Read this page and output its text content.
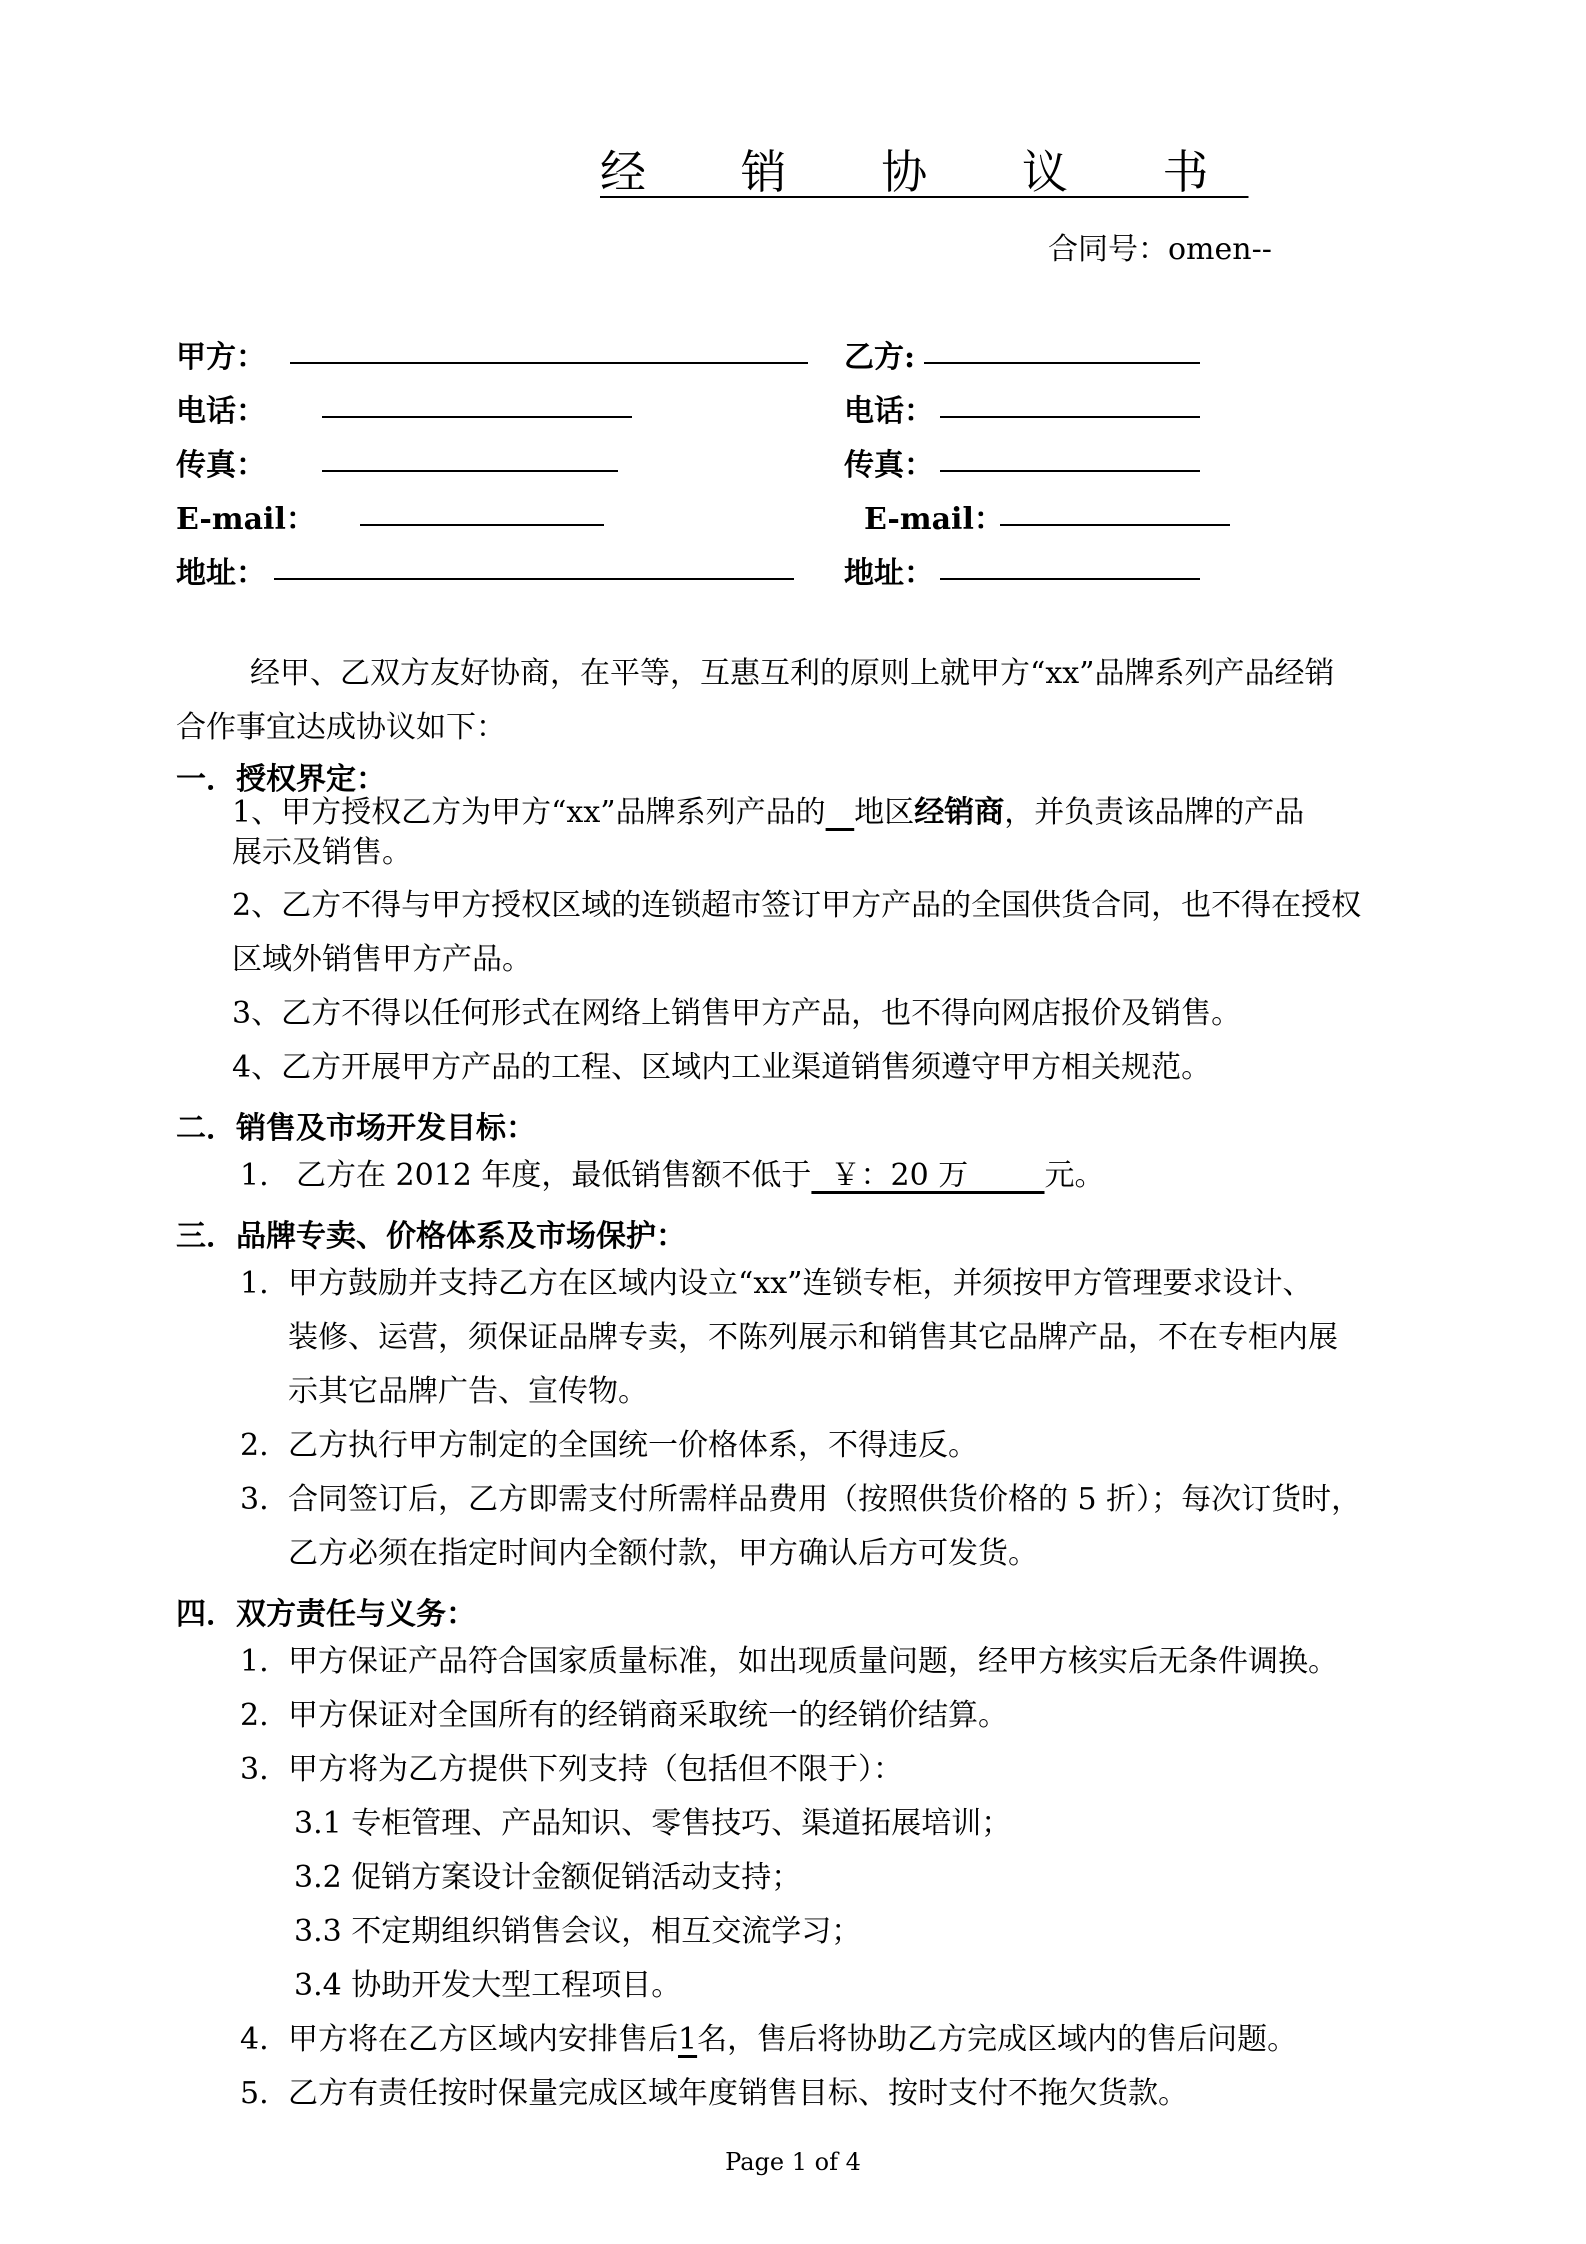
经 销 协 议 书
合同号：omen--
甲方：
电话：
传真：
E-mail：
地址：
乙方:
电话：
传真：
E-mail：
地址：
经甲、乙双方友好协商，在平等，互惠互利的原则上就甲方“xx”品牌系列产品经销
合作事宜达成协议如下：
一．授权界定：
1、甲方授权乙方为甲方“xx”品牌系列产品的 地区经销商，并负责该品牌的产品
展示及销售。
2、乙方不得与甲方授权区域的连锁超市签订甲方产品的全国供货合同，也不得在授权
区域外销售甲方产品。
3、乙方不得以任何形式在网络上销售甲方产品，也不得向网店报价及销售。
4、乙方开展甲方产品的工程、区域内工业渠道销售须遵守甲方相关规范。
二．销售及市场开发目标：
1. 乙方在 2012 年度，最低销售额不低于  ￥：20 万        元。
三．品牌专卖、价格体系及市场保护：
1. 甲方鼓励并支持乙方在区域内设立“xx”连锁专柜，并须按甲方管理要求设计、
装修、运营，须保证品牌专卖，不陈列展示和销售其它品牌产品，不在专柜内展
示其它品牌广告、宣传物。
2. 乙方执行甲方制定的全国统一价格体系，不得违反。
3. 合同签订后，乙方即需支付所需样品费用（按照供货价格的 5 折）；每次订货时，
乙方必须在指定时间内全额付款，甲方确认后方可发货。
四．双方责任与义务：
1. 甲方保证产品符合国家质量标准，如出现质量问题，经甲方核实后无条件调换。
2. 甲方保证对全国所有的经销商采取统一的经销价结算。
3. 甲方将为乙方提供下列支持（包括但不限于）：
3.1 专柜管理、产品知识、零售技巧、渠道拓展培训；
3.2 促销方案设计金额促销活动支持；
3.3 不定期组织销售会议，相互交流学习；
3.4 协助开发大型工程项目。
4. 甲方将在乙方区域内安排售后1名，售后将协助乙方完成区域内的售后问题。
5. 乙方有责任按时保量完成区域年度销售目标、按时支付不拖欠货款。
Page 1 of 4
